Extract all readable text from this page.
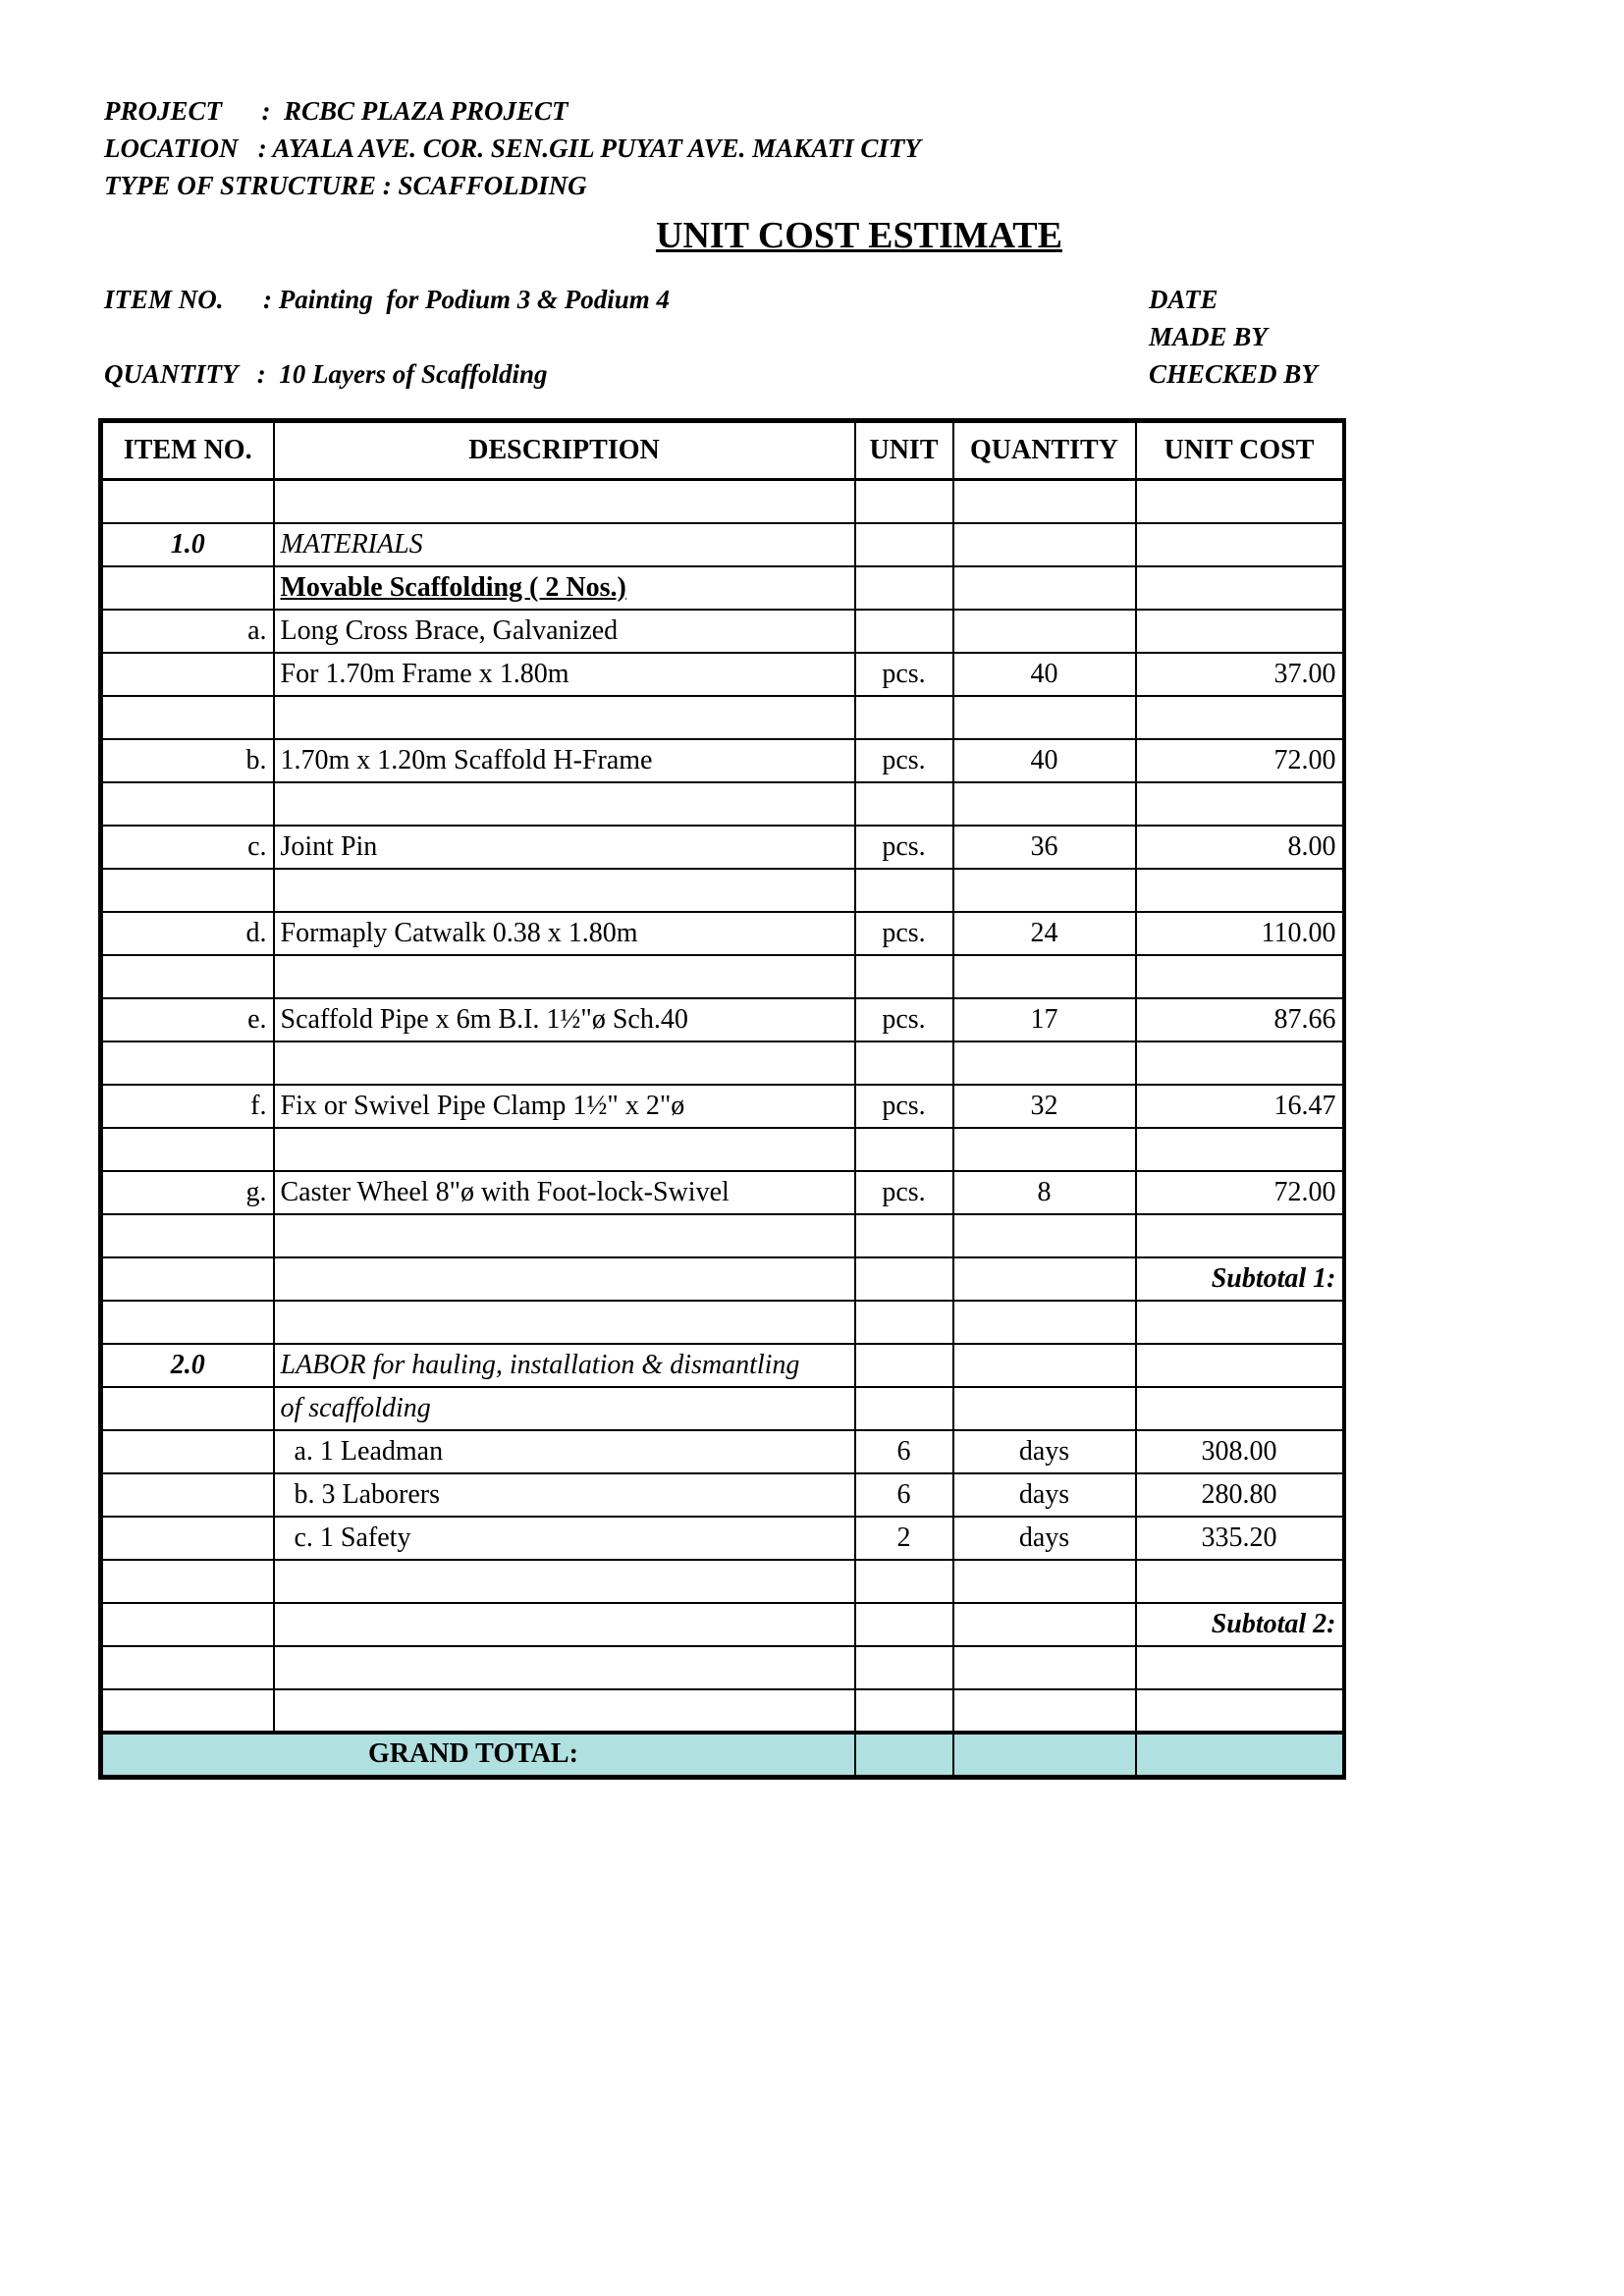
PROJECT      :  RCBC PLAZA PROJECT
LOCATION   : AYALA AVE. COR. SEN.GIL PUYAT AVE. MAKATI CITY
TYPE OF STRUCTURE : SCAFFOLDING
UNIT COST ESTIMATE
ITEM NO.      : Painting  for Podium 3 & Podium 4
QUANTITY   :  10 Layers of Scaffolding
DATE
MADE BY
CHECKED BY
ITEM NO.	DESCRIPTION	UNIT	QUANTITY	UNIT COST

1.0	MATERIALS			
	Movable Scaffolding ( 2 Nos.)			
a.	Long Cross Brace, Galvanized			
	For 1.70m Frame x 1.80m	pcs.	40	37.00

b.	1.70m x 1.20m Scaffold H-Frame	pcs.	40	72.00

c.	Joint Pin	pcs.	36	8.00

d.	Formaply Catwalk 0.38 x 1.80m	pcs.	24	110.00

e.	Scaffold Pipe x 6m B.I. 1½"ø Sch.40	pcs.	17	87.66

f.	Fix or Swivel Pipe Clamp 1½" x 2"ø	pcs.	32	16.47

g.	Caster Wheel 8"ø with Foot-lock-Swivel	pcs.	8	72.00

				Subtotal 1:

2.0	LABOR for hauling, installation & dismantling			
	of scaffolding			
	a. 1 Leadman	6	days	308.00
	b. 3 Laborers	6	days	280.80
	c. 1 Safety	2	days	335.20

				Subtotal 2:

GRAND TOTAL:				
